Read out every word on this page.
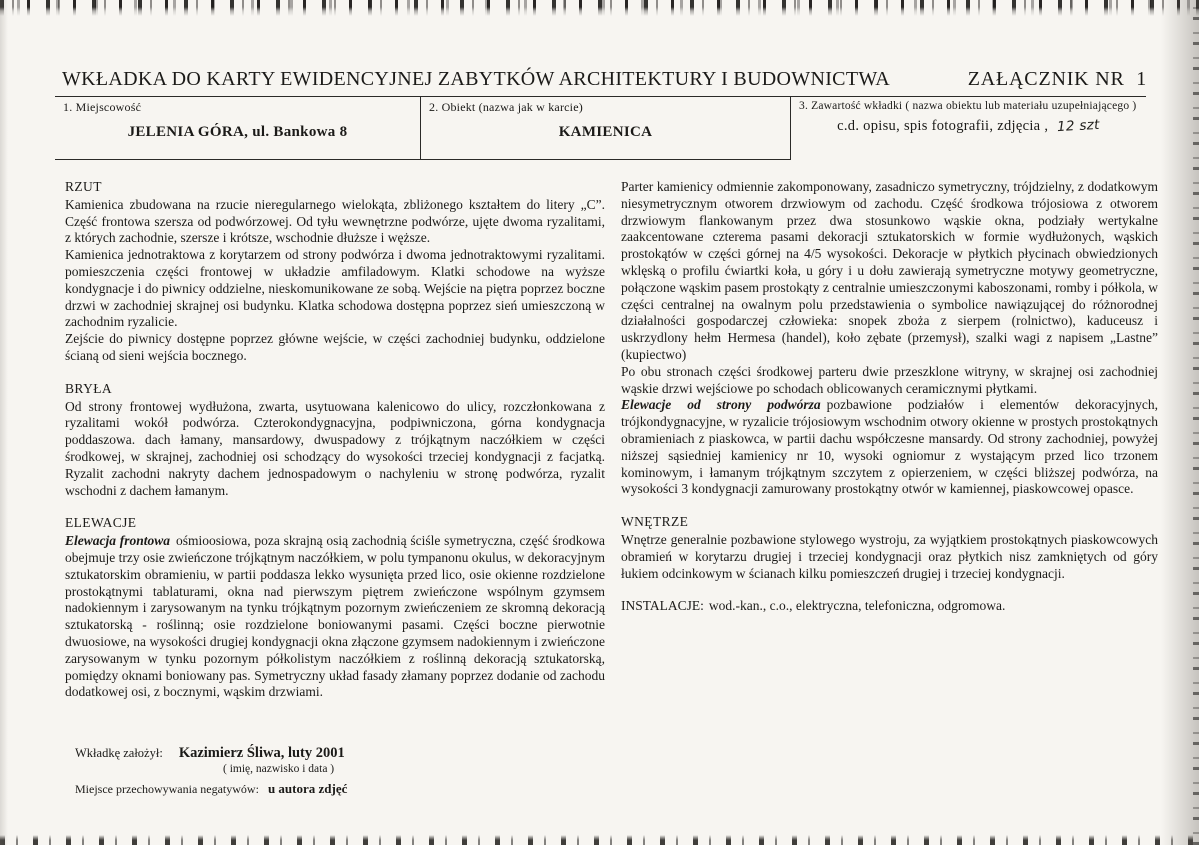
WKŁADKA DO KARTY EWIDENCYJNEJ ZABYTKÓW ARCHITEKTURY I BUDOWNICTWA	ZAŁĄCZNIK NR  1
1. Miejscowość
JELENIA GÓRA, ul. Bankowa 8
2. Obiekt (nazwa jak w karcie)
KAMIENICA
3. Zawartość wkładki ( nazwa obiektu lub materiału uzupełniającego )
c.d. opisu, spis fotografii, zdjęcia , 12 szt
RZUT

Kamienica zbudowana na rzucie nieregularnego wielokąta, zbliżonego kształtem do litery „C”. Część frontowa szersza od podwórzowej. Od tyłu wewnętrzne podwórze, ujęte dwoma ryzalitami, z których zachodnie, szersze i krótsze, wschodnie dłuższe i węższe.

Kamienica jednotraktowa z korytarzem od strony podwórza i dwoma jednotraktowymi ryzalitami. pomieszczenia części frontowej w układzie amfiladowym. Klatki schodowe na wyższe kondygnacje i do piwnicy oddzielne, nieskomunikowane ze sobą. Wejście na piętra poprzez boczne drzwi w zachodniej skrajnej osi budynku. Klatka schodowa dostępna poprzez sień umieszczoną w zachodnim ryzalicie.

Zejście do piwnicy dostępne poprzez główne wejście, w części zachodniej budynku, oddzielone ścianą od sieni wejścia bocznego.

BRYŁA

Od strony frontowej wydłużona, zwarta, usytuowana kalenicowo do ulicy, rozczłonkowana z ryzalitami wokół podwórza. Czterokondygnacyjna, podpiwniczona, górna kondygnacja poddaszowa. dach łamany, mansardowy, dwuspadowy z trójkątnym naczółkiem w części środkowej, w skrajnej, zachodniej osi schodzący do wysokości trzeciej kondygnacji z facjatką. Ryzalit zachodni nakryty dachem jednospadowym o nachyleniu w stronę podwórza, ryzalit wschodni z dachem łamanym.

ELEWACJE

Elewacja frontowa ośmioosiowa, poza skrajną osią zachodnią ściśle symetryczna, część środkowa obejmuje trzy osie zwieńczone trójkątnym naczółkiem, w polu tympanonu okulus, w dekoracyjnym sztukatorskim obramieniu, w partii poddasza lekko wysunięta przed lico, osie okienne rozdzielone prostokątnymi tablaturami, okna nad pierwszym piętrem zwieńczone wspólnym gzymsem nadokiennym i zarysowanym na tynku trójkątnym pozornym zwieńczeniem ze skromną dekoracją sztukatorską - roślinną; osie rozdzielone boniowanymi pasami. Części boczne pierwotnie dwuosiowe, na wysokości drugiej kondygnacji okna złączone gzymsem nadokiennym i zwieńczone zarysowanym w tynku pozornym półkolistym naczółkiem z roślinną dekoracją sztukatorską, pomiędzy oknami boniowany pas. Symetryczny układ fasady złamany poprzez dodanie od zachodu dodatkowej osi, z bocznymi, wąskim drzwiami.

Parter kamienicy odmiennie zakomponowany, zasadniczo symetryczny, trójdzielny, z dodatkowym niesymetrycznym otworem drzwiowym od zachodu. Część środkowa trójosiowa z otworem drzwiowym flankowanym przez dwa stosunkowo wąskie okna, podziały wertykalne zaakcentowane czterema pasami dekoracji sztukatorskich w formie wydłużonych, wąskich prostokątów w części górnej na 4/5 wysokości. Dekoracje w płytkich płycinach obwiedzionych wklęską o profilu ćwiartki koła, u góry i u dołu zawierają symetryczne motywy geometryczne, połączone wąskim pasem prostokąty z centralnie umieszczonymi kaboszonami, romby i półkola, w części centralnej na owalnym polu przedstawienia o symbolice nawiązującej do różnorodnej działalności gospodarczej człowieka: snopek zboża z sierpem (rolnictwo), kaduceusz i uskrzydlony hełm Hermesa (handel), koło zębate (przemysł), szalki wagi z napisem „Lastne” (kupiectwo)

Po obu stronach części środkowej parteru dwie przeszklone witryny, w skrajnej osi zachodniej wąskie drzwi wejściowe po schodach oblicowanych ceramicznymi płytkami.

Elewacje od strony podwórza pozbawione podziałów i elementów dekoracyjnych, trójkondygnacyjne, w ryzalicie trójosiowym wschodnim otwory okienne w prostych prostokątnych obramieniach z piaskowca, w partii dachu współczesne mansardy. Od strony zachodniej, powyżej niższej sąsiedniej kamienicy nr 10, wysoki ogniomur z wystającym przed lico trzonem kominowym, i łamanym trójkątnym szczytem z opierzeniem, w części bliższej podwórza, na wysokości 3 kondygnacji zamurowany prostokątny otwór w kamiennej, piaskowcowej opasce.

WNĘTRZE

Wnętrze generalnie pozbawione stylowego wystroju, za wyjątkiem prostokątnych piaskowcowych obramień w korytarzu drugiej i trzeciej kondygnacji oraz płytkich nisz zamkniętych od góry łukiem odcinkowym w ścianach kilku pomieszczeń drugiej i trzeciej kondygnacji.

INSTALACJE: wod.-kan., c.o., elektryczna, telefoniczna, odgromowa.

Wkładkę założył: Kazimierz Śliwa, luty 2001
( imię, nazwisko i data )
Miejsce przechowywania negatywów: u autora zdjęć
